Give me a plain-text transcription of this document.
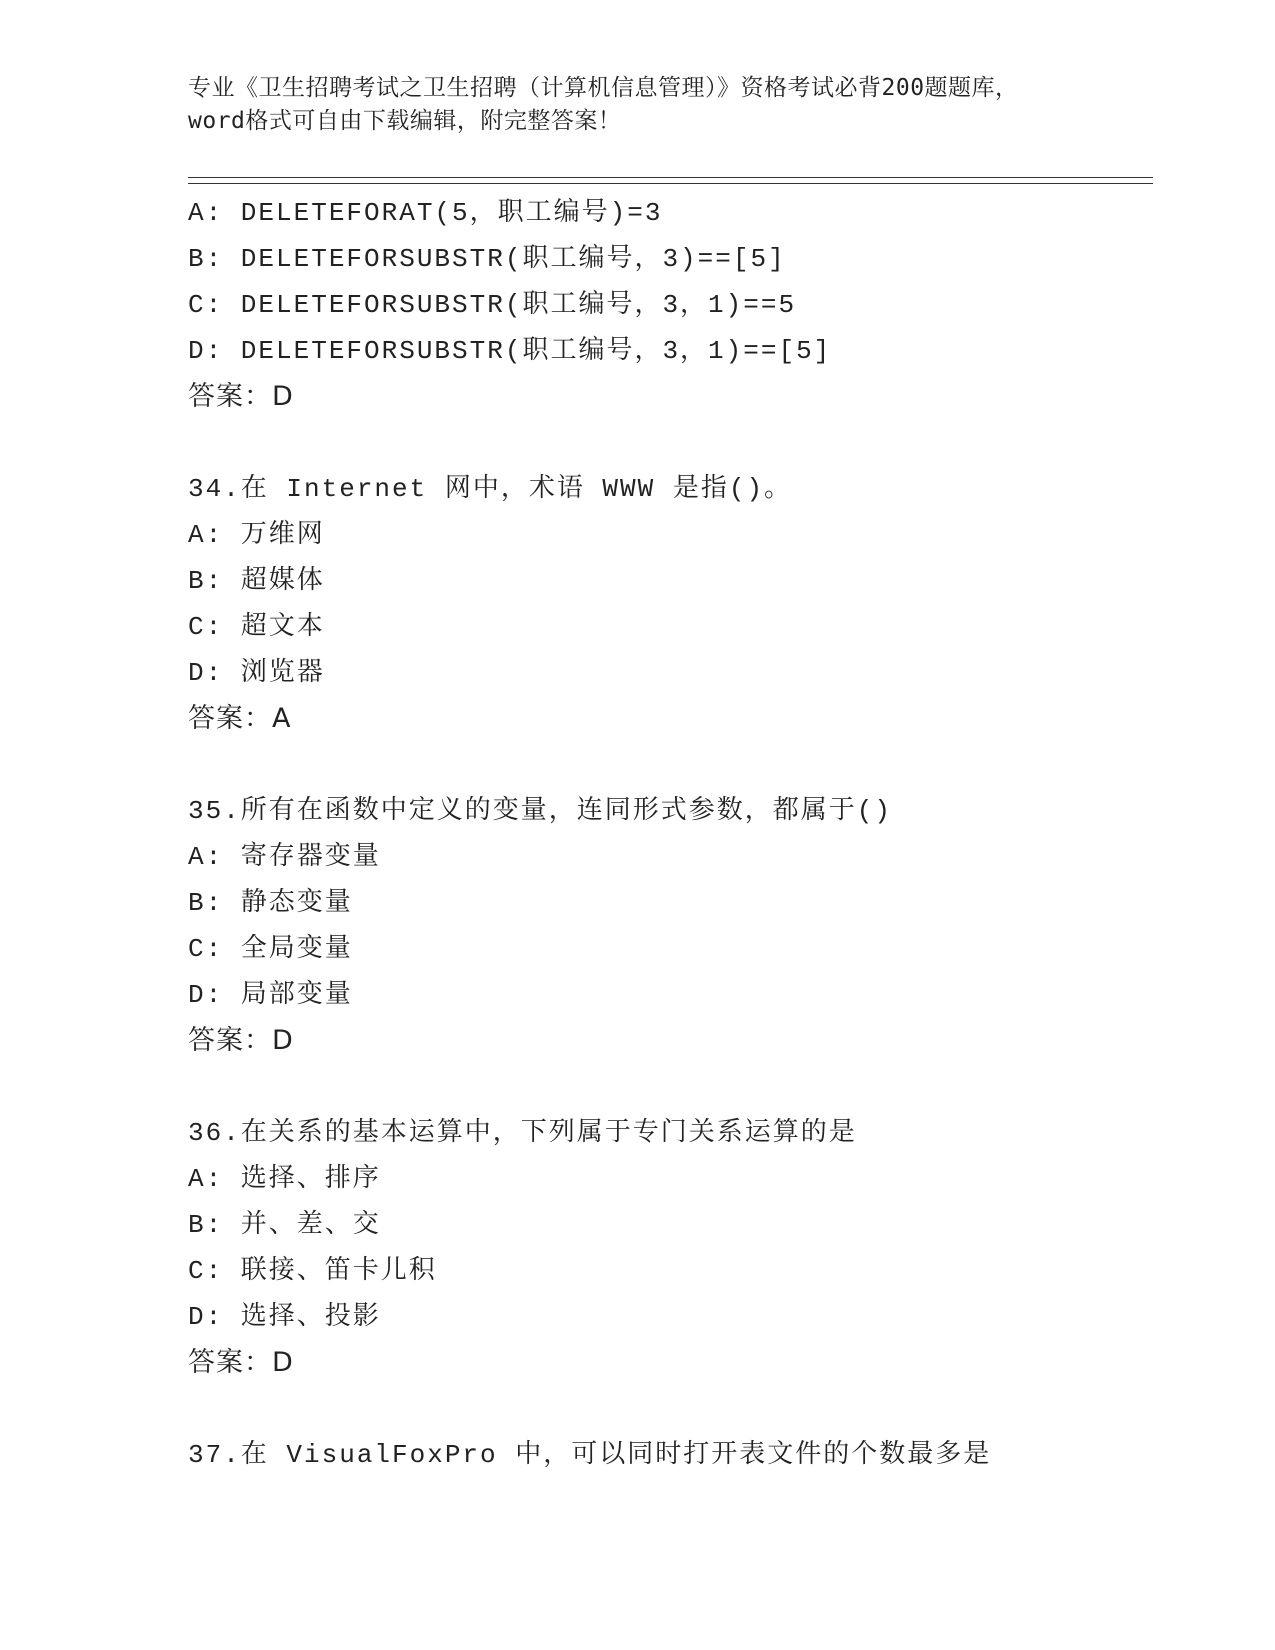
专业《卫生招聘考试之卫生招聘（计算机信息管理）》资格考试必背200题题库，
word格式可自由下载编辑，附完整答案！
A: DELETEFORAT(5，职工编号)=3
B: DELETEFORSUBSTR(职工编号，3)==[5]
C: DELETEFORSUBSTR(职工编号，3，1)==5
D: DELETEFORSUBSTR(职工编号，3，1)==[5]
答案：D
34.在 Internet 网中，术语 WWW 是指()。
A: 万维网
B: 超媒体
C: 超文本
D: 浏览器
答案：A
35.所有在函数中定义的变量，连同形式参数，都属于()
A: 寄存器变量
B: 静态变量
C: 全局变量
D: 局部变量
答案：D
36.在关系的基本运算中，下列属于专门关系运算的是
A: 选择、排序
B: 并、差、交
C: 联接、笛卡儿积
D: 选择、投影
答案：D
37.在 VisualFoxPro 中，可以同时打开表文件的个数最多是
